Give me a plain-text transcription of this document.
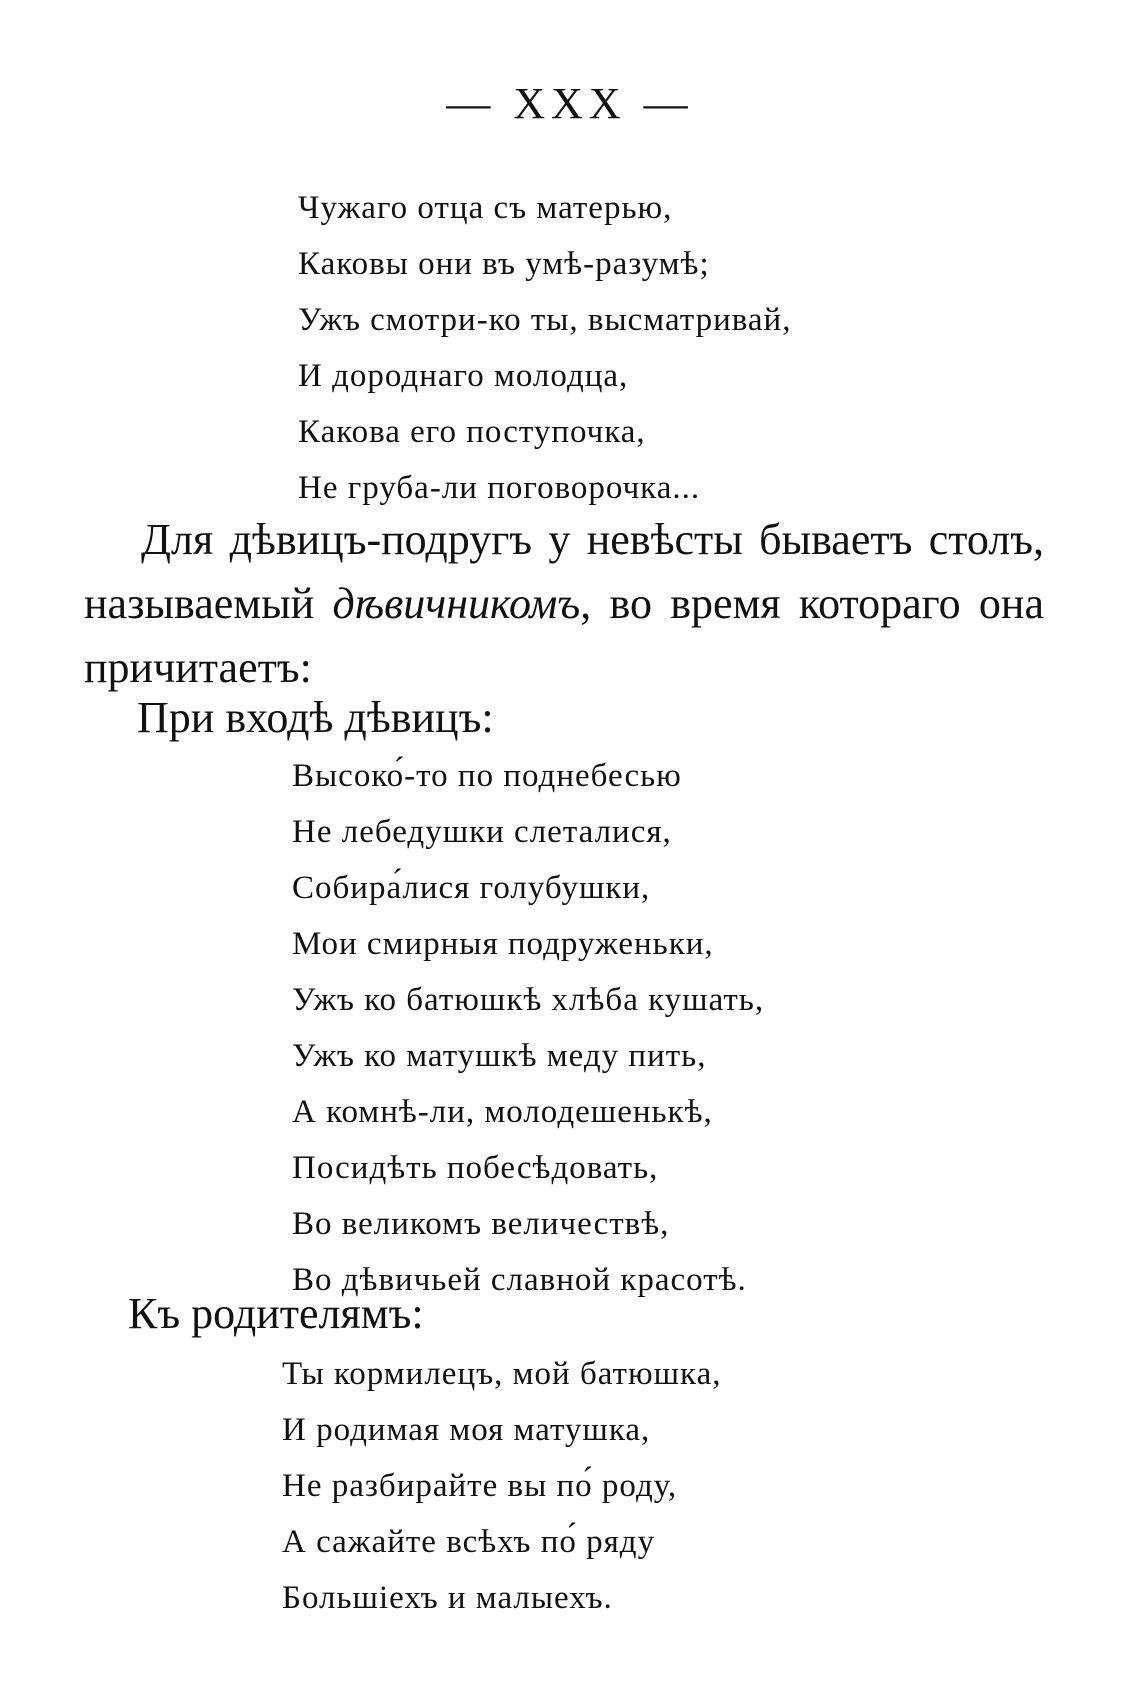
— XXX —
Чужаго отца съ матерью,
Каковы они въ умѣ-разумѣ;
Ужъ смотри-ко ты, высматривай,
И дороднаго молодца,
Какова его поступочка,
Не груба-ли поговорочка...

Для дѣвицъ-подругъ у невѣсты бываетъ столъ, называемый дѣвичникомъ, во время котораго она причитаетъ:

При входѣ дѣвицъ:

Высоко́-то по поднебесью
Не лебедушки слеталися,
Собира́лися голубушки,
Мои смирныя подруженьки,
Ужъ ко батюшкѣ хлѣба кушать,
Ужъ ко матушкѣ меду пить,
А комнѣ-ли, молодешенькѣ,
Посидѣть побесѣдовать,
Во великомъ величествѣ,
Во дѣвичьей славной красотѣ.

Къ родителямъ:

Ты кормилецъ, мой батюшка,
И родимая моя матушка,
Не разбирайте вы по́ роду,
А сажайте всѣхъ по́ ряду
Большіехъ и малыехъ.
